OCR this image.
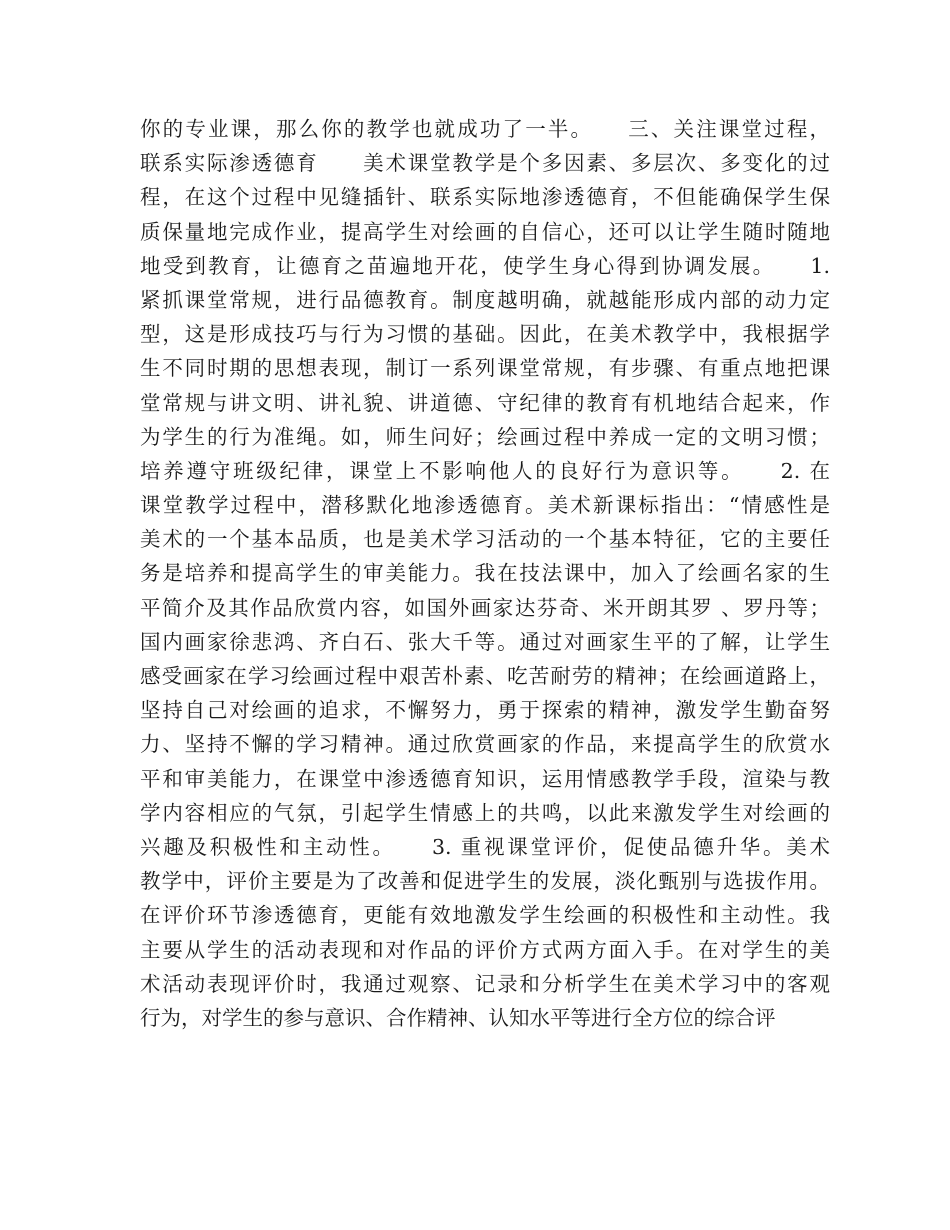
你的专业课，那么你的教学也就成功了一半。　　三、关注课堂过程，
联系实际渗透德育　　美术课堂教学是个多因素、多层次、多变化的过
程，在这个过程中见缝插针、联系实际地渗透德育，不但能确保学生保
质保量地完成作业，提高学生对绘画的自信心，还可以让学生随时随地
地受到教育，让德育之苗遍地开花，使学生身心得到协调发展。　　1.
紧抓课堂常规，进行品德教育。制度越明确，就越能形成内部的动力定
型，这是形成技巧与行为习惯的基础。因此，在美术教学中，我根据学
生不同时期的思想表现，制订一系列课堂常规，有步骤、有重点地把课
堂常规与讲文明、讲礼貌、讲道德、守纪律的教育有机地结合起来，作
为学生的行为准绳。如，师生问好；绘画过程中养成一定的文明习惯；
培养遵守班级纪律，课堂上不影响他人的良好行为意识等。　　2. 在
课堂教学过程中，潜移默化地渗透德育。美术新课标指出：“情感性是
美术的一个基本品质，也是美术学习活动的一个基本特征，它的主要任
务是培养和提高学生的审美能力。我在技法课中，加入了绘画名家的生
平简介及其作品欣赏内容，如国外画家达芬奇、米开朗其罗 、罗丹等；
国内画家徐悲鸿、齐白石、张大千等。通过对画家生平的了解，让学生
感受画家在学习绘画过程中艰苦朴素、吃苦耐劳的精神；在绘画道路上，
坚持自己对绘画的追求，不懈努力，勇于探索的精神，激发学生勤奋努
力、坚持不懈的学习精神。通过欣赏画家的作品，来提高学生的欣赏水
平和审美能力，在课堂中渗透德育知识，运用情感教学手段，渲染与教
学内容相应的气氛，引起学生情感上的共鸣，以此来激发学生对绘画的
兴趣及积极性和主动性。　　3. 重视课堂评价，促使品德升华。美术
教学中，评价主要是为了改善和促进学生的发展，淡化甄别与选拔作用。
在评价环节渗透德育，更能有效地激发学生绘画的积极性和主动性。我
主要从学生的活动表现和对作品的评价方式两方面入手。在对学生的美
术活动表现评价时，我通过观察、记录和分析学生在美术学习中的客观
行为，对学生的参与意识、合作精神、认知水平等进行全方位的综合评
